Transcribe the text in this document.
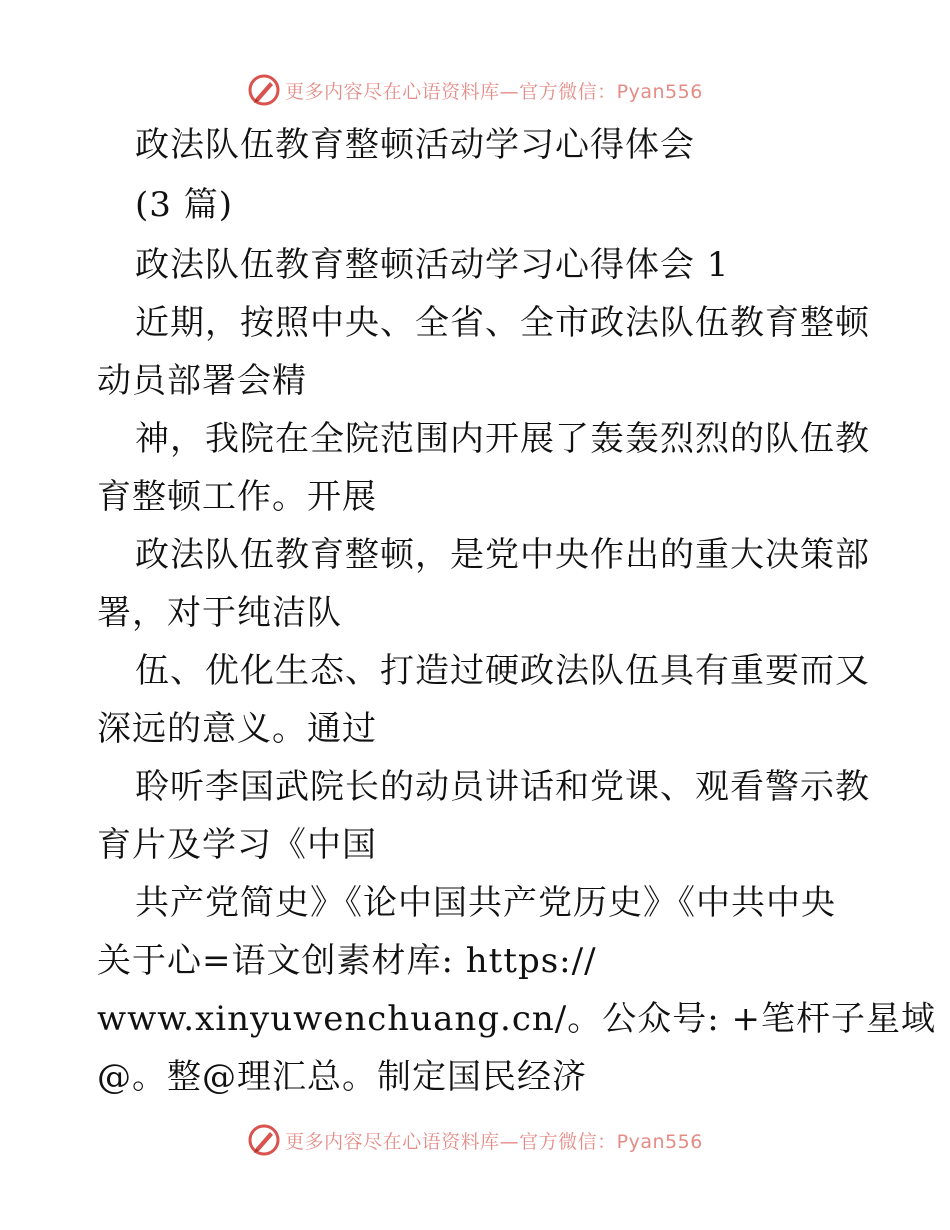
更多内容尽在心语资料库—官方微信：Pyan556
政法队伍教育整顿活动学习心得体会
(3 篇)
政法队伍教育整顿活动学习心得体会 1
近期，按照中央、全省、全市政法队伍教育整顿
动员部署会精
神，我院在全院范围内开展了轰轰烈烈的队伍教
育整顿工作。开展
政法队伍教育整顿，是党中央作出的重大决策部
署，对于纯洁队
伍、优化生态、打造过硬政法队伍具有重要而又
深远的意义。通过
聆听李国武院长的动员讲话和党课、观看警示教
育片及学习《中国
共产党简史》《论中国共产党历史》《中共中央
关于心=语文创素材库: https://
www.xinyuwenchuang.cn/。公众号: +笔杆子星域
@。整@理汇总。制定国民经济
更多内容尽在心语资料库—官方微信：Pyan556
